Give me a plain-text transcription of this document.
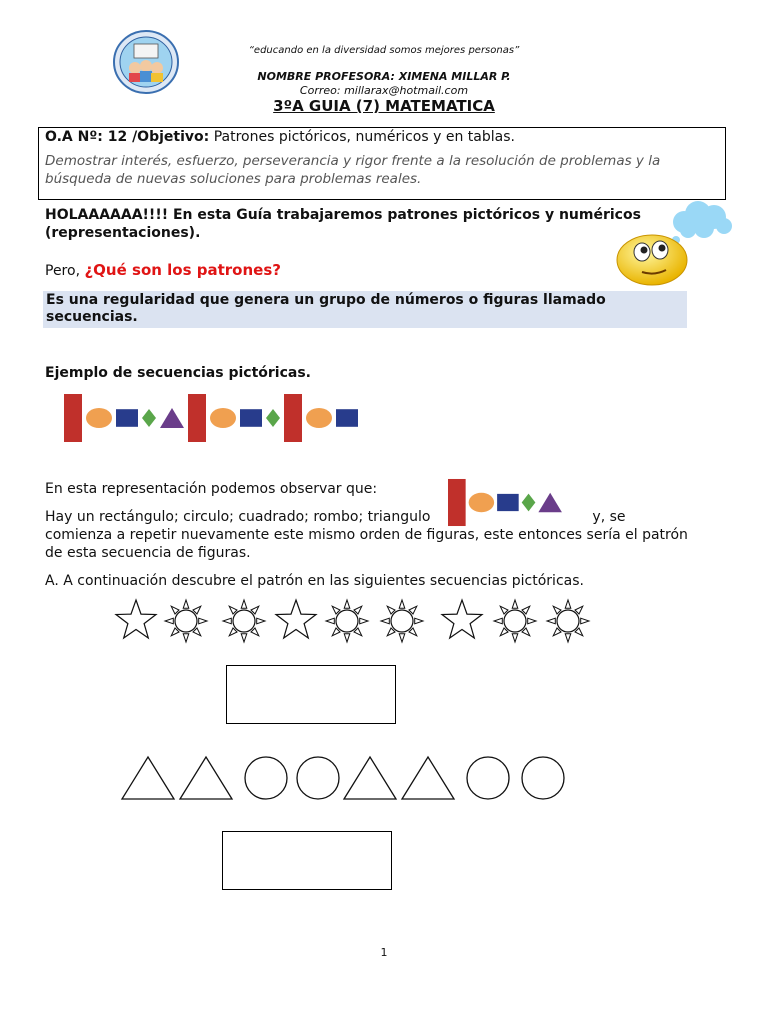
“educando en la diversidad somos mejores personas”
NOMBRE PROFESORA: XIMENA MILLAR P.
Correo: millarax@hotmail.com
3ºA GUIA (7) MATEMATICA
O.A Nº: 12 /Objetivo: Patrones pictóricos, numéricos y en tablas.
Demostrar interés, esfuerzo, perseverancia y rigor frente a la resolución de problemas y la búsqueda de nuevas soluciones para problemas reales.
HOLAAAAAA!!!! En esta Guía trabajaremos patrones pictóricos y numéricos (representaciones).
Pero, ¿Qué son los patrones?
Es una regularidad que genera un grupo de números o figuras llamado secuencias.
Ejemplo de secuencias pictóricas.
En esta representación podemos observar que:
Hay un rectángulo; circulo; cuadrado; rombo; triangulo	y, se comienza a repetir nuevamente este mismo orden de figuras, este entonces sería el patrón de esta secuencia de figuras.
A. A continuación descubre el patrón en las siguientes secuencias pictóricas.
1
